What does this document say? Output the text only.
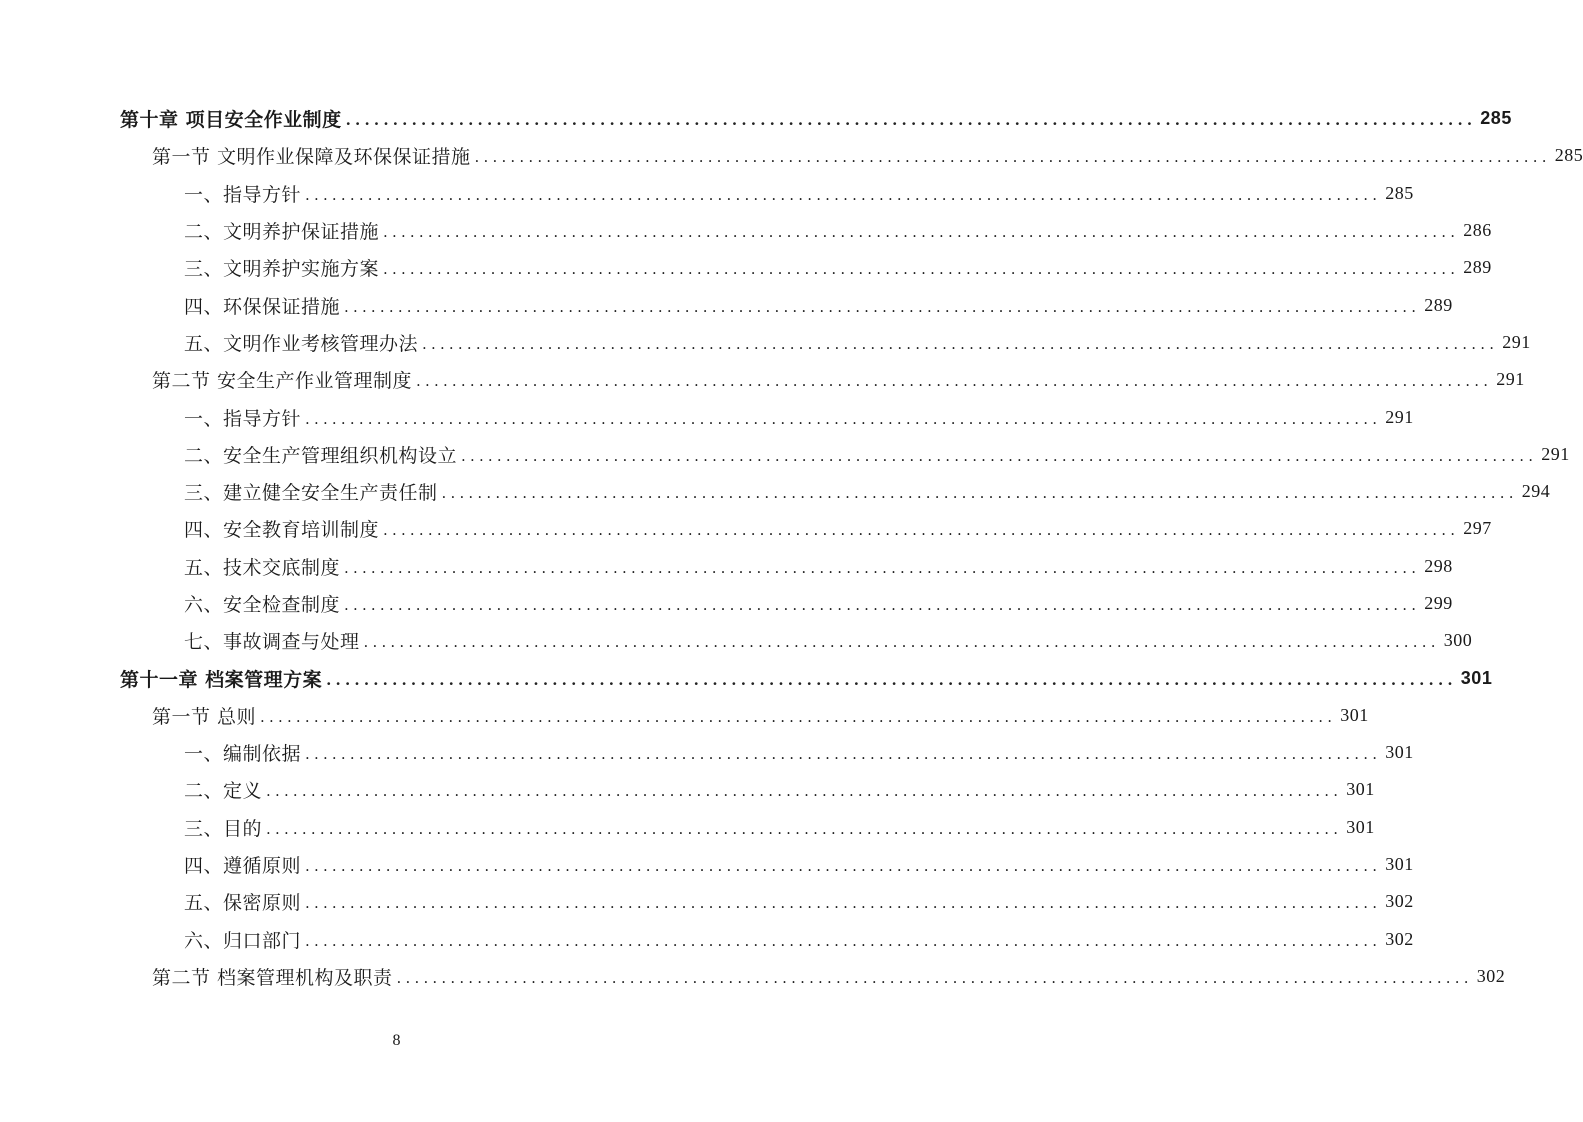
第十章 项目安全作业制度 ........................................................................................................................ 285
第一节 文明作业保障及环保保证措施 ........................................................................................................................ 285
一、指导方针 ........................................................................................................................ 285
二、文明养护保证措施 ........................................................................................................................ 286
三、文明养护实施方案 ........................................................................................................................ 289
四、环保保证措施 ........................................................................................................................ 289
五、文明作业考核管理办法 ........................................................................................................................ 291
第二节 安全生产作业管理制度 ........................................................................................................................ 291
一、指导方针 ........................................................................................................................ 291
二、安全生产管理组织机构设立 ........................................................................................................................ 291
三、建立健全安全生产责任制 ........................................................................................................................ 294
四、安全教育培训制度 ........................................................................................................................ 297
五、技术交底制度 ........................................................................................................................ 298
六、安全检查制度 ........................................................................................................................ 299
七、事故调查与处理 ........................................................................................................................ 300
第十一章 档案管理方案 ........................................................................................................................ 301
第一节 总则 ........................................................................................................................ 301
一、编制依据 ........................................................................................................................ 301
二、定义 ........................................................................................................................ 301
三、目的 ........................................................................................................................ 301
四、遵循原则 ........................................................................................................................ 301
五、保密原则 ........................................................................................................................ 302
六、归口部门 ........................................................................................................................ 302
第二节 档案管理机构及职责 ........................................................................................................................ 302
8
